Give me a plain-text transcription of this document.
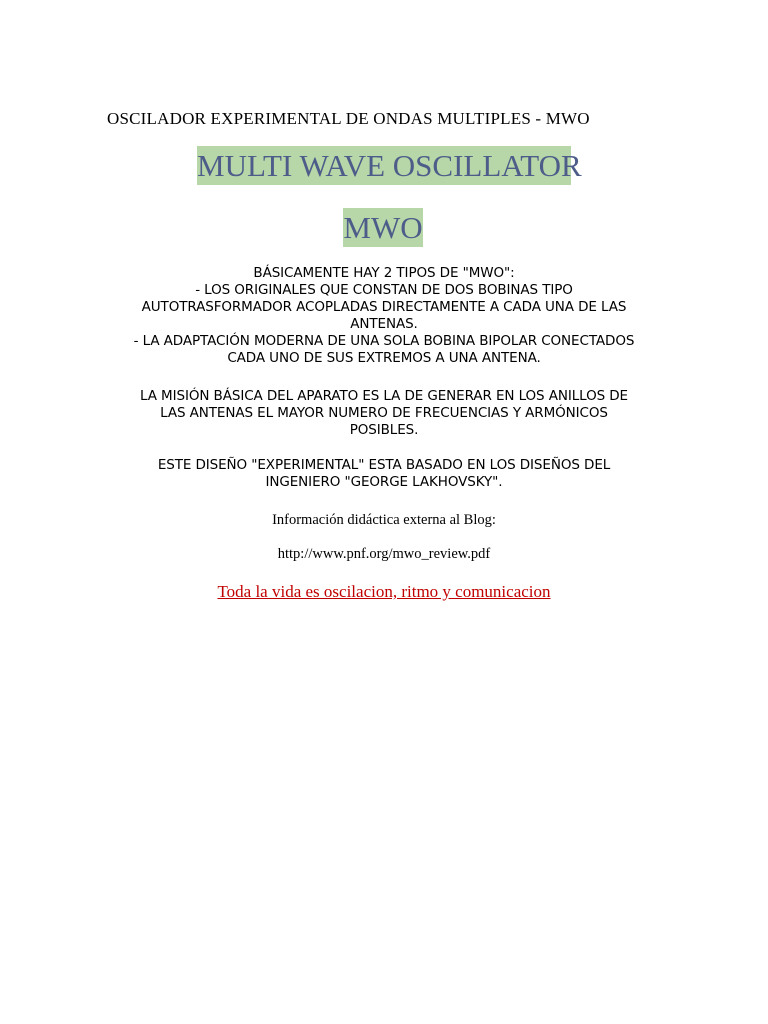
OSCILADOR EXPERIMENTAL DE ONDAS MULTIPLES - MWO
MULTI WAVE OSCILLATOR
MWO
BÁSICAMENTE HAY 2 TIPOS DE "MWO":
- LOS ORIGINALES QUE CONSTAN DE DOS BOBINAS TIPO
AUTOTRASFORMADOR ACOPLADAS DIRECTAMENTE A CADA UNA DE LAS
ANTENAS.
- LA ADAPTACIÓN MODERNA DE UNA SOLA BOBINA BIPOLAR CONECTADOS
CADA UNO DE SUS EXTREMOS A UNA ANTENA.
LA MISIÓN BÁSICA DEL APARATO ES LA DE GENERAR EN LOS ANILLOS DE
LAS ANTENAS EL MAYOR NUMERO DE FRECUENCIAS Y ARMÓNICOS
POSIBLES.
ESTE DISEÑO "EXPERIMENTAL" ESTA BASADO EN LOS DISEÑOS DEL
INGENIERO "GEORGE LAKHOVSKY".
Información didáctica externa al Blog:
http://www.pnf.org/mwo_review.pdf
Toda la vida es oscilacion, ritmo y comunicacion
